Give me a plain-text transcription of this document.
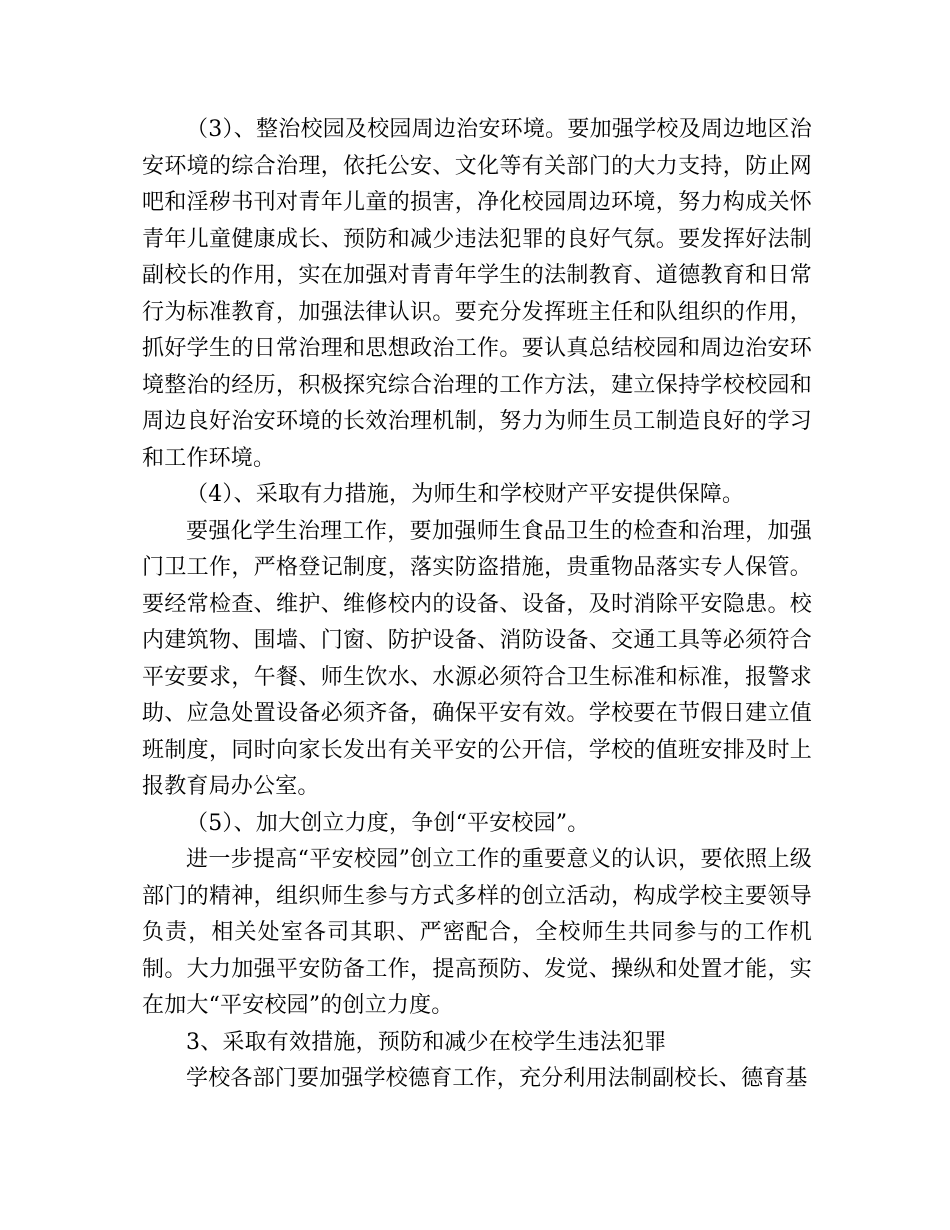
（3）、整治校园及校园周边治安环境。要加强学校及周边地区治安环境的综合治理，依托公安、文化等有关部门的大力支持，防止网吧和淫秽书刊对青年儿童的损害，净化校园周边环境，努力构成关怀青年儿童健康成长、预防和减少违法犯罪的良好气氛。要发挥好法制副校长的作用，实在加强对青青年学生的法制教育、道德教育和日常行为标准教育，加强法律认识。要充分发挥班主任和队组织的作用，抓好学生的日常治理和思想政治工作。要认真总结校园和周边治安环境整治的经历，积极探究综合治理的工作方法，建立保持学校校园和周边良好治安环境的长效治理机制，努力为师生员工制造良好的学习和工作环境。

（4）、采取有力措施，为师生和学校财产平安提供保障。

要强化学生治理工作，要加强师生食品卫生的检查和治理，加强门卫工作，严格登记制度，落实防盗措施，贵重物品落实专人保管。要经常检查、维护、维修校内的设备、设备，及时消除平安隐患。校内建筑物、围墙、门窗、防护设备、消防设备、交通工具等必须符合平安要求，午餐、师生饮水、水源必须符合卫生标准和标准，报警求助、应急处置设备必须齐备，确保平安有效。学校要在节假日建立值班制度，同时向家长发出有关平安的公开信，学校的值班安排及时上报教育局办公室。

（5）、加大创立力度，争创“平安校园”。

进一步提高“平安校园”创立工作的重要意义的认识，要依照上级部门的精神，组织师生参与方式多样的创立活动，构成学校主要领导负责，相关处室各司其职、严密配合，全校师生共同参与的工作机制。大力加强平安防备工作，提高预防、发觉、操纵和处置才能，实在加大“平安校园”的创立力度。

3、采取有效措施，预防和减少在校学生违法犯罪

学校各部门要加强学校德育工作，充分利用法制副校长、德育基
